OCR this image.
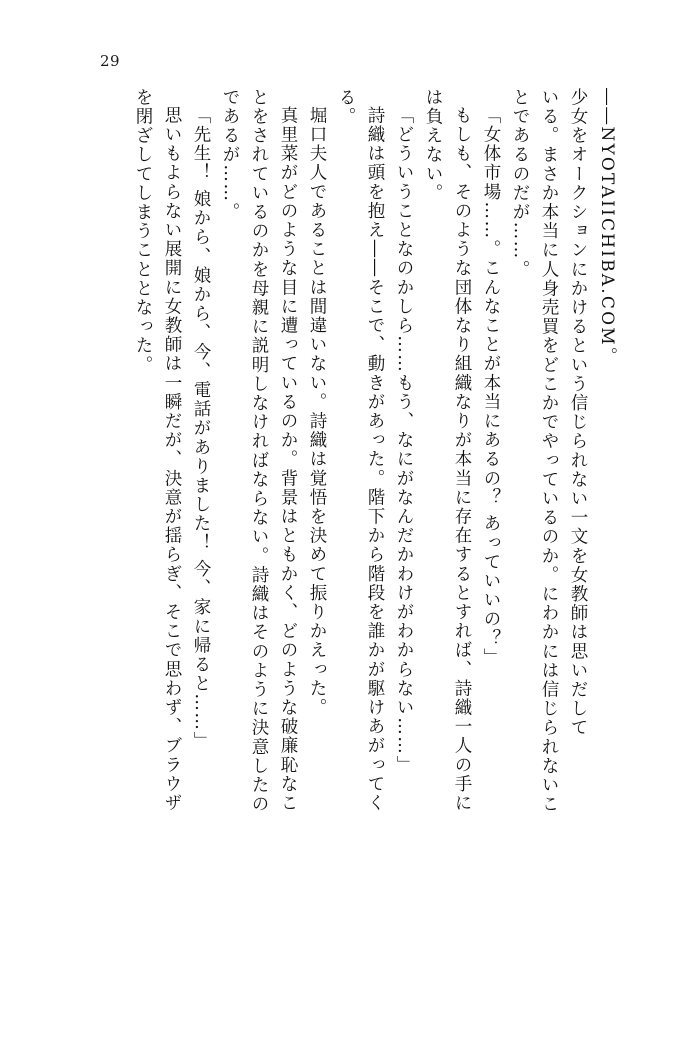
29
――NYOTAIICHIBA.COM。
少女をオークションにかけるという信じられない一文を女教師は思いだして
いる。まさか本当に人身売買をどこかでやっているのか。にわかには信じられないこ
とであるのだが……。
「女体市場……。こんなことが本当にあるの？ あっていいの？」
もしも、そのような団体なり組織なりが本当に存在するとすれば、詩織一人の手に
は負えない。
「どういうことなのかしら……もう、なにがなんだかわけがわからない……」
詩織は頭を抱え――そこで、動きがあった。階下から階段を誰かが駆けあがってく
る。
堀口夫人であることは間違いない。詩織は覚悟を決めて振りかえった。
真里菜がどのような目に遭っているのか。背景はともかく、どのような破廉恥なこ
とをされているのかを母親に説明しなければならない。詩織はそのように決意したの
であるが……。
「先生！ 娘から、娘から、今、電話がありました！ 今、家に帰ると……」
思いもよらない展開に女教師は一瞬だが、決意が揺らぎ、そこで思わず、ブラウザ
を閉ざしてしまうこととなった。
